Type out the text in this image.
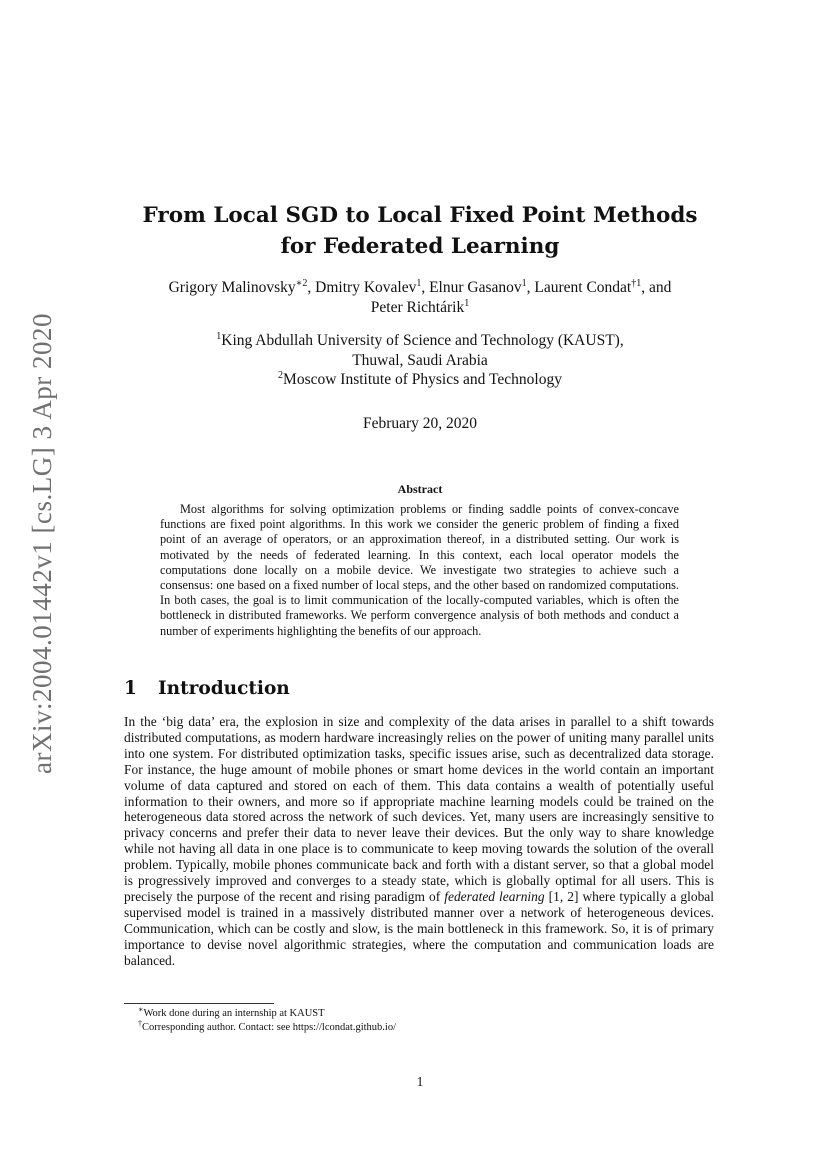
arXiv:2004.01442v1 [cs.LG] 3 Apr 2020
From Local SGD to Local Fixed Point Methods
for Federated Learning
Grigory Malinovsky$^{∗2}$, Dmitry Kovalev$^1$, Elnur Gasanov$^1$, Laurent Condat$^{\dagger 1}$, and
Peter Richtárik$^1$
$^1$King Abdullah University of Science and Technology (KAUST),
Thuwal, Saudi Arabia
$^2$Moscow Institute of Physics and Technology
February 20, 2020
Abstract

Most algorithms for solving optimization problems or finding saddle points of convex-concave functions are fixed point algorithms. In this work we consider the generic problem of finding a fixed point of an average of operators, or an approximation thereof, in a distributed setting. Our work is motivated by the needs of federated learning. In this context, each local operator models the computations done locally on a mobile device. We investigate two strategies to achieve such a consensus: one based on a fixed number of local steps, and the other based on randomized computations. In both cases, the goal is to limit communication of the locally-computed variables, which is often the bottleneck in distributed frameworks. We perform convergence analysis of both methods and conduct a number of experiments highlighting the benefits of our approach.

1 Introduction

In the ‘big data’ era, the explosion in size and complexity of the data arises in parallel to a shift towards distributed computations, as modern hardware increasingly relies on the power of uniting many parallel units into one system. For distributed optimization tasks, specific issues arise, such as decentralized data storage. For instance, the huge amount of mobile phones or smart home devices in the world contain an important volume of data captured and stored on each of them. This data contains a wealth of potentially useful information to their owners, and more so if appropriate machine learning models could be trained on the heterogeneous data stored across the network of such devices. Yet, many users are increasingly sensitive to privacy concerns and prefer their data to never leave their devices. But the only way to share knowledge while not having all data in one place is to communicate to keep moving towards the solution of the overall problem. Typically, mobile phones communicate back and forth with a distant server, so that a global model is progressively improved and converges to a steady state, which is globally optimal for all users. This is precisely the purpose of the recent and rising paradigm of federated learning [1, 2] where typically a global supervised model is trained in a massively distributed manner over a network of heterogeneous devices. Communication, which can be costly and slow, is the main bottleneck in this framework. So, it is of primary importance to devise novel algorithmic strategies, where the computation and communication loads are balanced.

∗Work done during an internship at KAUST
†Corresponding author. Contact: see https://lcondat.github.io/
1
